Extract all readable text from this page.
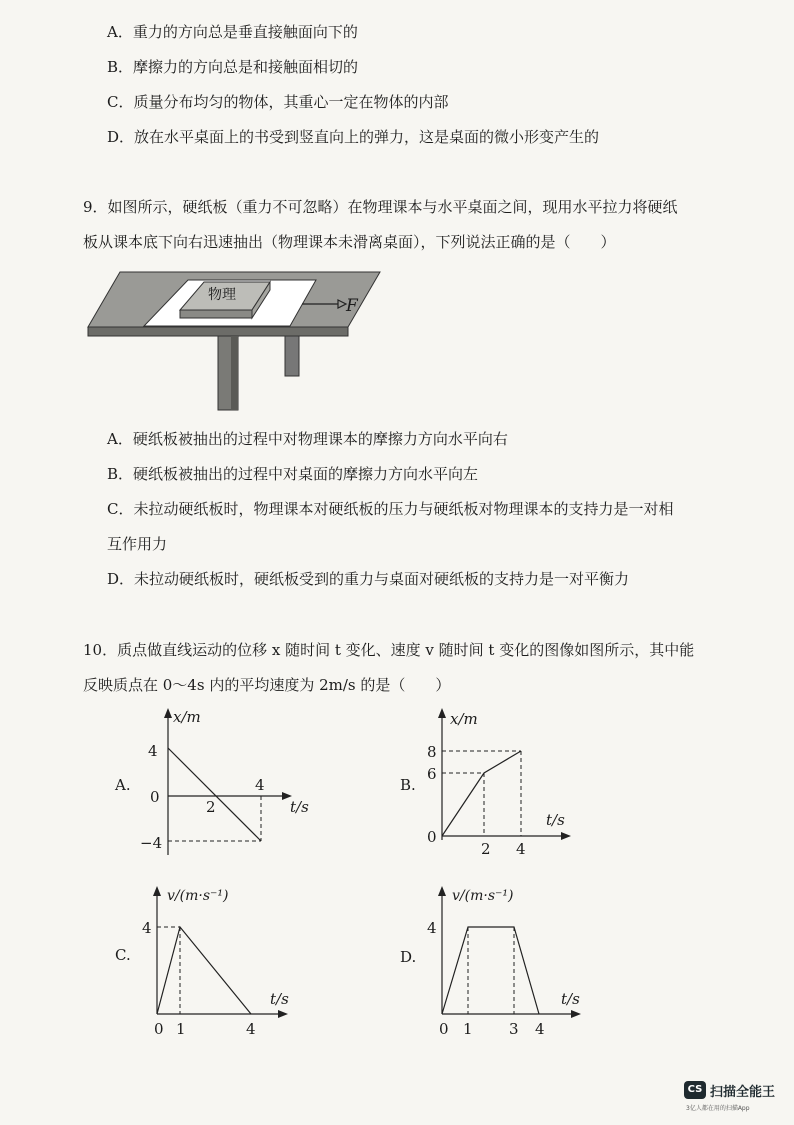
A．重力的方向总是垂直接触面向下的
B．摩擦力的方向总是和接触面相切的
C．质量分布均匀的物体，其重心一定在物体的内部
D．放在水平桌面上的书受到竖直向上的弹力，这是桌面的微小形变产生的
9．如图所示，硬纸板（重力不可忽略）在物理课本与水平桌面之间，现用水平拉力将硬纸
板从课本底下向右迅速抽出（物理课本未滑离桌面），下列说法正确的是（　　）
物理
F
A．硬纸板被抽出的过程中对物理课本的摩擦力方向水平向右
B．硬纸板被抽出的过程中对桌面的摩擦力方向水平向左
C．未拉动硬纸板时，物理课本对硬纸板的压力与硬纸板对物理课本的支持力是一对相
互作用力
D．未拉动硬纸板时，硬纸板受到的重力与桌面对硬纸板的支持力是一对平衡力
10．质点做直线运动的位移 x 随时间 t 变化、速度 v 随时间 t 变化的图像如图所示，其中能
反映质点在 0～4s 内的平均速度为 2m/s 的是（　　）
A.
x/m
t/s
4
0
−4
2
4	B.
x/m
t/s
8
6
0
2 4
C.
v/(m·s⁻¹)
t/s
4
0 1	4
D.
v/(m·s⁻¹)
t/s
4
0 1 3 4
CS 扫描全能王
3亿人都在用的扫描App
